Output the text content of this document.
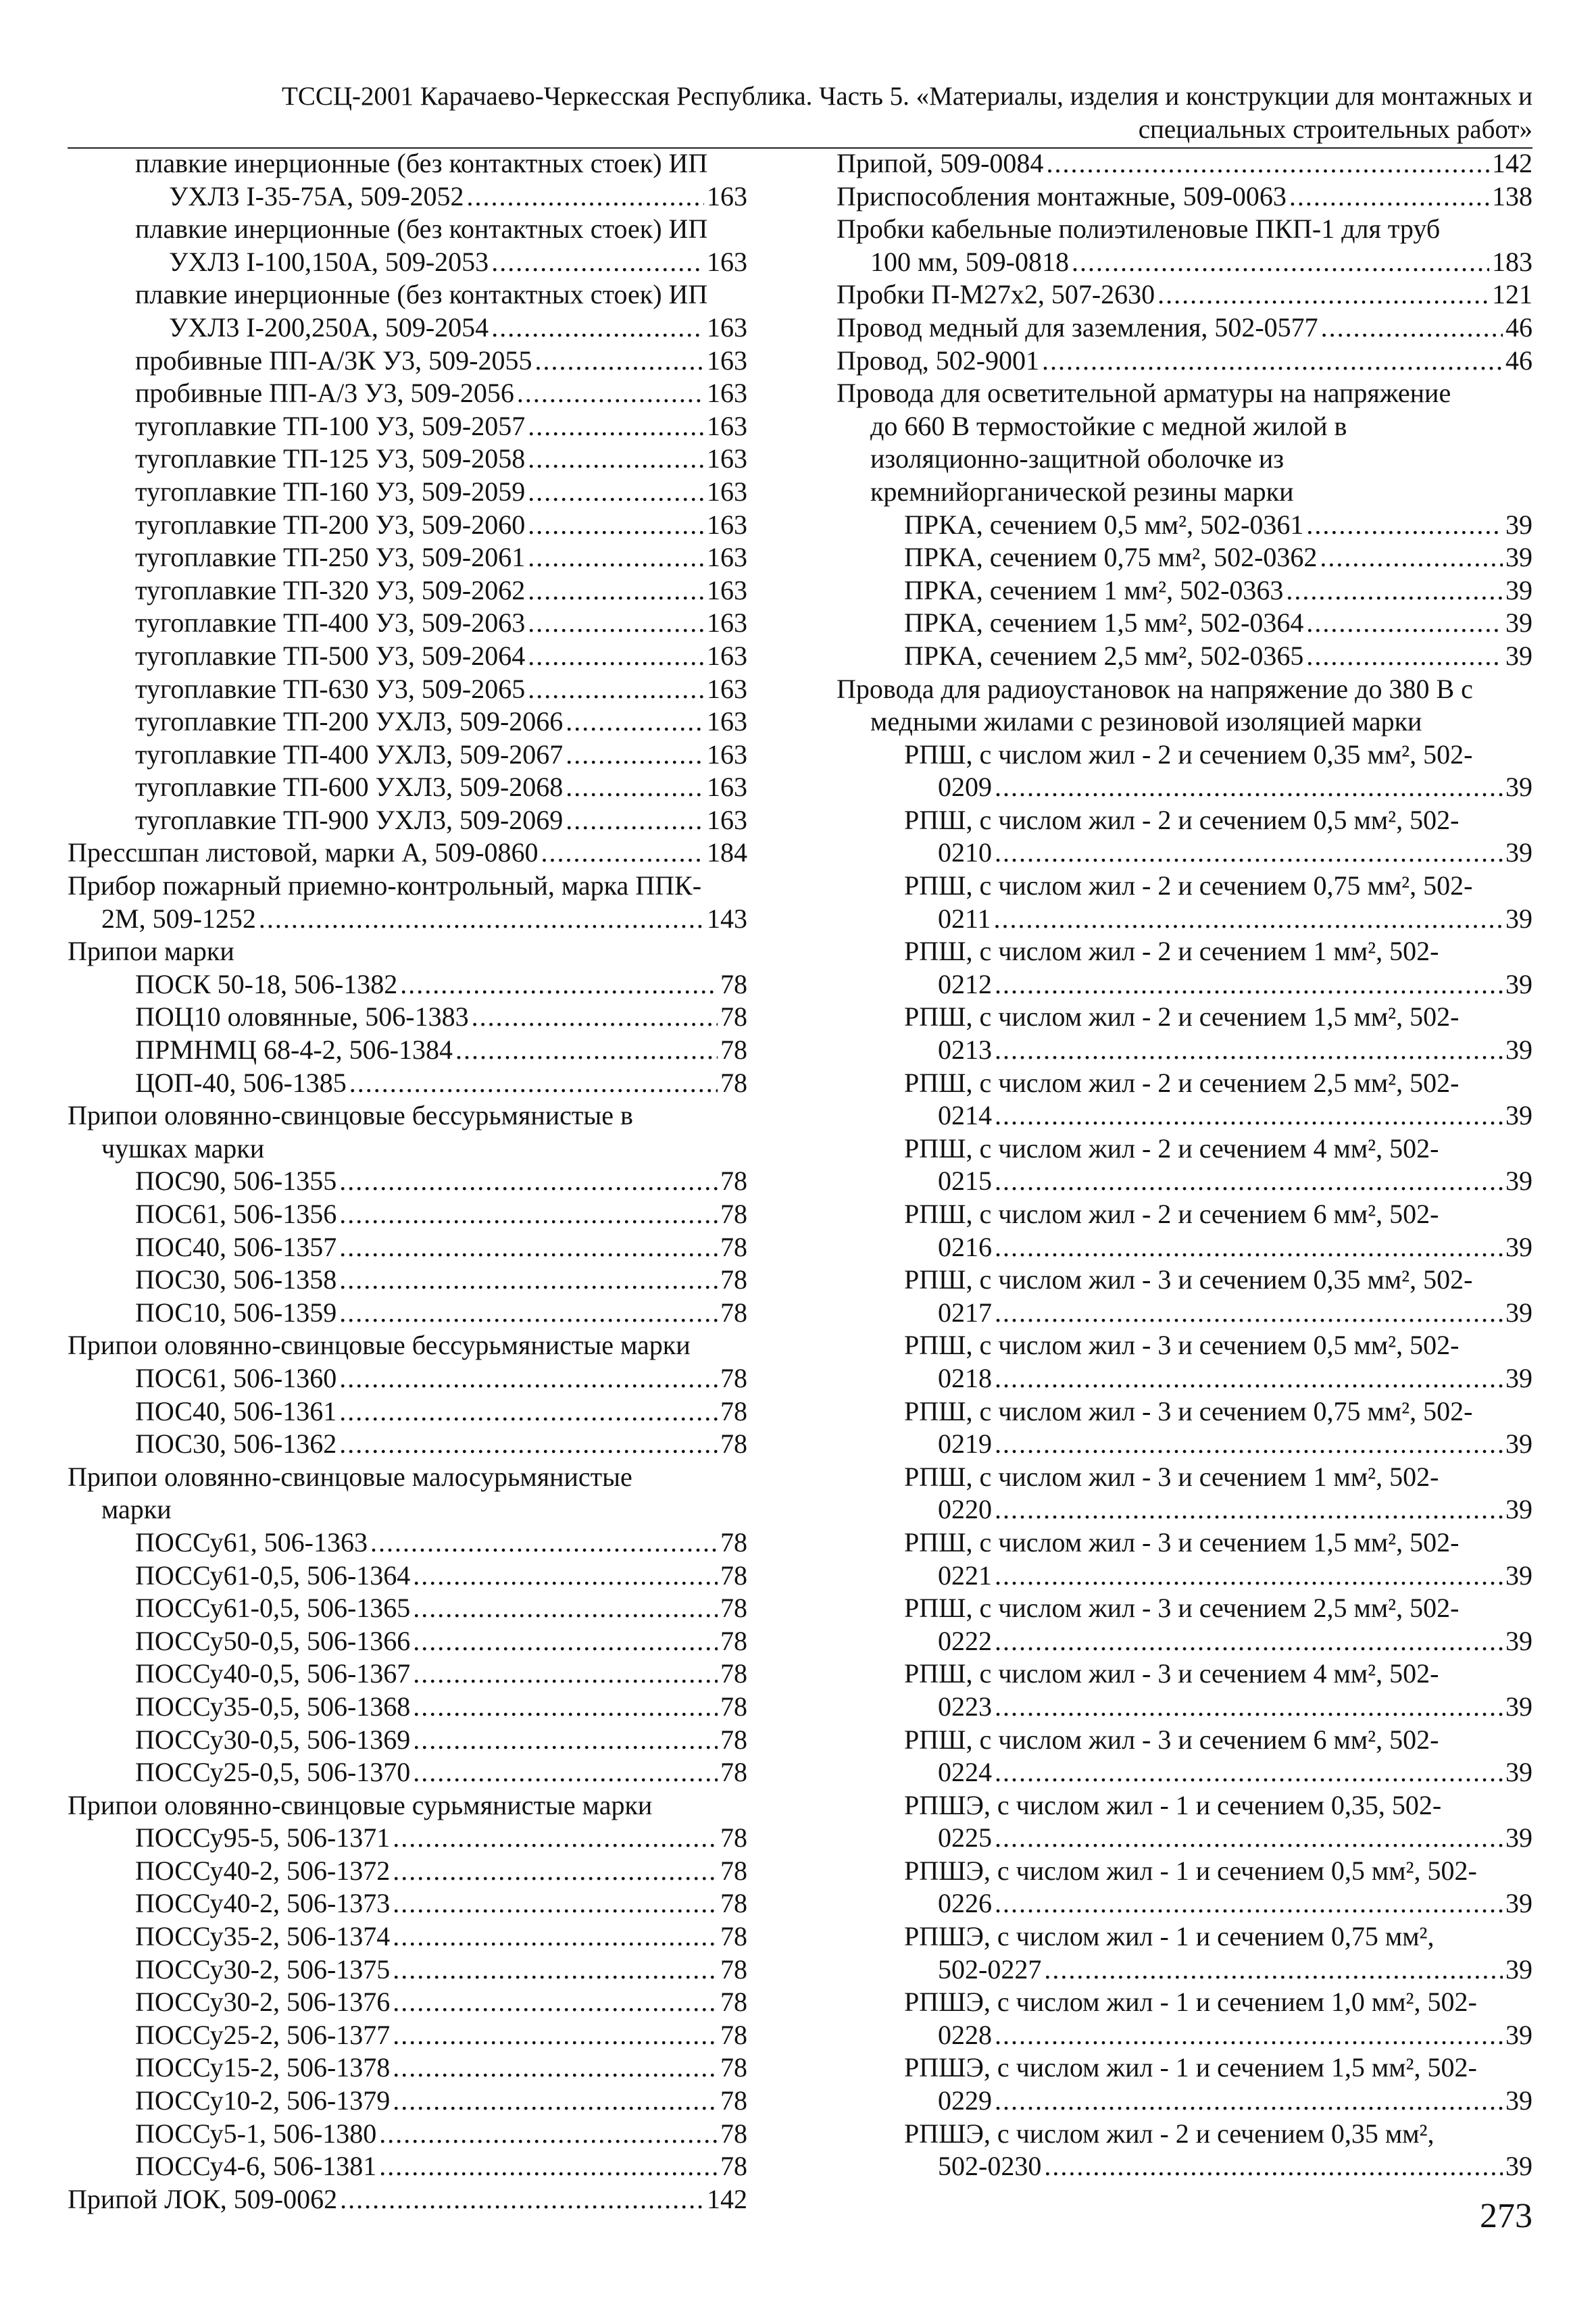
ТССЦ-2001 Карачаево-Черкесская Республика. Часть 5. «Материалы, изделия и конструкции для монтажных и
специальных строительных работ»
плавкие инерционные (без контактных стоек) ИП
УХЛ3 I-35-75А, 509-2052 .....	163
плавкие инерционные (без контактных стоек) ИП
УХЛ3 I-100,150А, 509-2053 .....	163
плавкие инерционные (без контактных стоек) ИП
УХЛ3 I-200,250А, 509-2054 .....	163
пробивные ПП-А/3К У3, 509-2055 .....	163
пробивные ПП-А/3 У3, 509-2056 .....	163
тугоплавкие ТП-100 У3, 509-2057 .....	163
тугоплавкие ТП-125 У3, 509-2058 .....	163
тугоплавкие ТП-160 У3, 509-2059 .....	163
тугоплавкие ТП-200 У3, 509-2060 .....	163
тугоплавкие ТП-250 У3, 509-2061 .....	163
тугоплавкие ТП-320 У3, 509-2062 .....	163
тугоплавкие ТП-400 У3, 509-2063 .....	163
тугоплавкие ТП-500 У3, 509-2064 .....	163
тугоплавкие ТП-630 У3, 509-2065 .....	163
тугоплавкие ТП-200 УХЛ3, 509-2066 .....	163
тугоплавкие ТП-400 УХЛ3, 509-2067 .....	163
тугоплавкие ТП-600 УХЛ3, 509-2068 .....	163
тугоплавкие ТП-900 УХЛ3, 509-2069 .....	163
Прессшпан листовой, марки А, 509-0860 .....	184
Прибор пожарный приемно-контрольный, марка ППК-
2М, 509-1252 .....	143
Припои марки
ПОСК 50-18, 506-1382 .....	78
ПОЦ10 оловянные, 506-1383 .....	78
ПРМНМЦ 68-4-2, 506-1384 .....	78
ЦОП-40, 506-1385 .....	78
Припои оловянно-свинцовые бессурьмянистые в
чушках марки
ПОС90, 506-1355 .....	78
ПОС61, 506-1356 .....	78
ПОС40, 506-1357 .....	78
ПОС30, 506-1358 .....	78
ПОС10, 506-1359 .....	78
Припои оловянно-свинцовые бессурьмянистые марки
ПОС61, 506-1360 .....	78
ПОС40, 506-1361 .....	78
ПОС30, 506-1362 .....	78
Припои оловянно-свинцовые малосурьмянистые
марки
ПОССу61, 506-1363 .....	78
ПОССу61-0,5, 506-1364 .....	78
ПОССу61-0,5, 506-1365 .....	78
ПОССу50-0,5, 506-1366 .....	78
ПОССу40-0,5, 506-1367 .....	78
ПОССу35-0,5, 506-1368 .....	78
ПОССу30-0,5, 506-1369 .....	78
ПОССу25-0,5, 506-1370 .....	78
Припои оловянно-свинцовые сурьмянистые марки
ПОССу95-5, 506-1371 .....	78
ПОССу40-2, 506-1372 .....	78
ПОССу40-2, 506-1373 .....	78
ПОССу35-2, 506-1374 .....	78
ПОССу30-2, 506-1375 .....	78
ПОССу30-2, 506-1376 .....	78
ПОССу25-2, 506-1377 .....	78
ПОССу15-2, 506-1378 .....	78
ПОССу10-2, 506-1379 .....	78
ПОССу5-1, 506-1380 .....	78
ПОССу4-6, 506-1381 .....	78
Припой ЛОК, 509-0062 .....	142
Припой, 509-0084 .....	142
Приспособления монтажные, 509-0063 .....	138
Пробки кабельные полиэтиленовые ПКП-1 для труб
100 мм, 509-0818 .....	183
Пробки П-М27х2, 507-2630 .....	121
Провод медный для заземления, 502-0577 .....	46
Провод, 502-9001 .....	46
Провода для осветительной арматуры на напряжение
до 660 В термостойкие с медной жилой в
изоляционно-защитной оболочке из
кремнийорганической резины марки
ПРКА, сечением 0,5 мм², 502-0361 .....	39
ПРКА, сечением 0,75 мм², 502-0362 .....	39
ПРКА, сечением 1 мм², 502-0363 .....	39
ПРКА, сечением 1,5 мм², 502-0364 .....	39
ПРКА, сечением 2,5 мм², 502-0365 .....	39
Провода для радиоустановок на напряжение до 380 В с
медными жилами с резиновой изоляцией марки
РПШ, с числом жил - 2 и сечением 0,35 мм², 502-
0209 .....	39
РПШ, с числом жил - 2 и сечением 0,5 мм², 502-
0210 .....	39
РПШ, с числом жил - 2 и сечением 0,75 мм², 502-
0211 .....	39
РПШ, с числом жил - 2 и сечением 1 мм², 502-
0212 .....	39
РПШ, с числом жил - 2 и сечением 1,5 мм², 502-
0213 .....	39
РПШ, с числом жил - 2 и сечением 2,5 мм², 502-
0214 .....	39
РПШ, с числом жил - 2 и сечением 4 мм², 502-
0215 .....	39
РПШ, с числом жил - 2 и сечением 6 мм², 502-
0216 .....	39
РПШ, с числом жил - 3 и сечением 0,35 мм², 502-
0217 .....	39
РПШ, с числом жил - 3 и сечением 0,5 мм², 502-
0218 .....	39
РПШ, с числом жил - 3 и сечением 0,75 мм², 502-
0219 .....	39
РПШ, с числом жил - 3 и сечением 1 мм², 502-
0220 .....	39
РПШ, с числом жил - 3 и сечением 1,5 мм², 502-
0221 .....	39
РПШ, с числом жил - 3 и сечением 2,5 мм², 502-
0222 .....	39
РПШ, с числом жил - 3 и сечением 4 мм², 502-
0223 .....	39
РПШ, с числом жил - 3 и сечением 6 мм², 502-
0224 .....	39
РПШЭ, с числом жил - 1 и сечением 0,35, 502-
0225 .....	39
РПШЭ, с числом жил - 1 и сечением 0,5 мм², 502-
0226 .....	39
РПШЭ, с числом жил - 1 и сечением 0,75 мм²,
502-0227 .....	39
РПШЭ, с числом жил - 1 и сечением 1,0 мм², 502-
0228 .....	39
РПШЭ, с числом жил - 1 и сечением 1,5 мм², 502-
0229 .....	39
РПШЭ, с числом жил - 2 и сечением 0,35 мм²,
502-0230 .....	39
273
